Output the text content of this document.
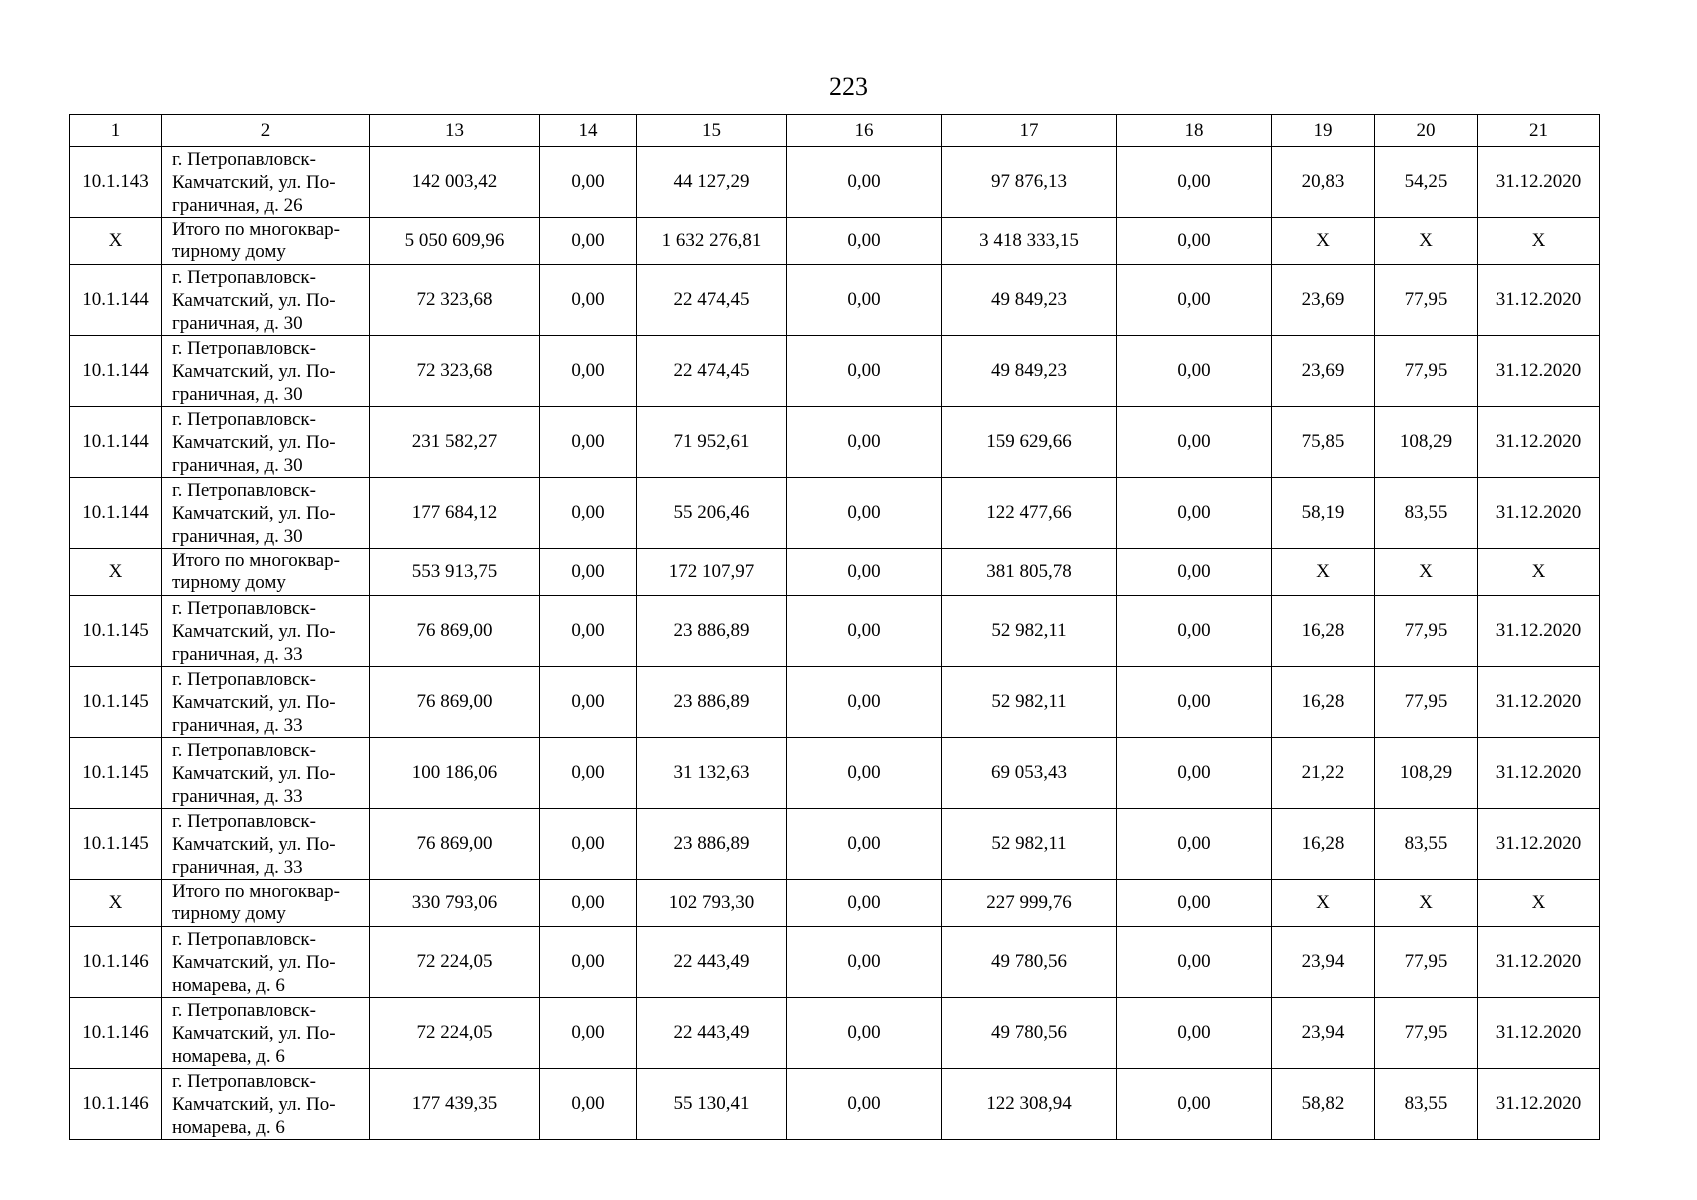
223
1	2	13	14	15	16	17	18	19	20	21
10.1.143	г. Петропавловск-
Камчатский, ул. По-
граничная, д. 26	142 003,42	0,00	44 127,29	0,00	97 876,13	0,00	20,83	54,25	31.12.2020
Х	Итого по многоквар-
тирному дому	5 050 609,96	0,00	1 632 276,81	0,00	3 418 333,15	0,00	Х	Х	Х
10.1.144	г. Петропавловск-
Камчатский, ул. По-
граничная, д. 30	72 323,68	0,00	22 474,45	0,00	49 849,23	0,00	23,69	77,95	31.12.2020
10.1.144	г. Петропавловск-
Камчатский, ул. По-
граничная, д. 30	72 323,68	0,00	22 474,45	0,00	49 849,23	0,00	23,69	77,95	31.12.2020
10.1.144	г. Петропавловск-
Камчатский, ул. По-
граничная, д. 30	231 582,27	0,00	71 952,61	0,00	159 629,66	0,00	75,85	108,29	31.12.2020
10.1.144	г. Петропавловск-
Камчатский, ул. По-
граничная, д. 30	177 684,12	0,00	55 206,46	0,00	122 477,66	0,00	58,19	83,55	31.12.2020
Х	Итого по многоквар-
тирному дому	553 913,75	0,00	172 107,97	0,00	381 805,78	0,00	Х	Х	Х
10.1.145	г. Петропавловск-
Камчатский, ул. По-
граничная, д. 33	76 869,00	0,00	23 886,89	0,00	52 982,11	0,00	16,28	77,95	31.12.2020
10.1.145	г. Петропавловск-
Камчатский, ул. По-
граничная, д. 33	76 869,00	0,00	23 886,89	0,00	52 982,11	0,00	16,28	77,95	31.12.2020
10.1.145	г. Петропавловск-
Камчатский, ул. По-
граничная, д. 33	100 186,06	0,00	31 132,63	0,00	69 053,43	0,00	21,22	108,29	31.12.2020
10.1.145	г. Петропавловск-
Камчатский, ул. По-
граничная, д. 33	76 869,00	0,00	23 886,89	0,00	52 982,11	0,00	16,28	83,55	31.12.2020
Х	Итого по многоквар-
тирному дому	330 793,06	0,00	102 793,30	0,00	227 999,76	0,00	Х	Х	Х
10.1.146	г. Петропавловск-
Камчатский, ул. По-
номарева, д. 6	72 224,05	0,00	22 443,49	0,00	49 780,56	0,00	23,94	77,95	31.12.2020
10.1.146	г. Петропавловск-
Камчатский, ул. По-
номарева, д. 6	72 224,05	0,00	22 443,49	0,00	49 780,56	0,00	23,94	77,95	31.12.2020
10.1.146	г. Петропавловск-
Камчатский, ул. По-
номарева, д. 6	177 439,35	0,00	55 130,41	0,00	122 308,94	0,00	58,82	83,55	31.12.2020
